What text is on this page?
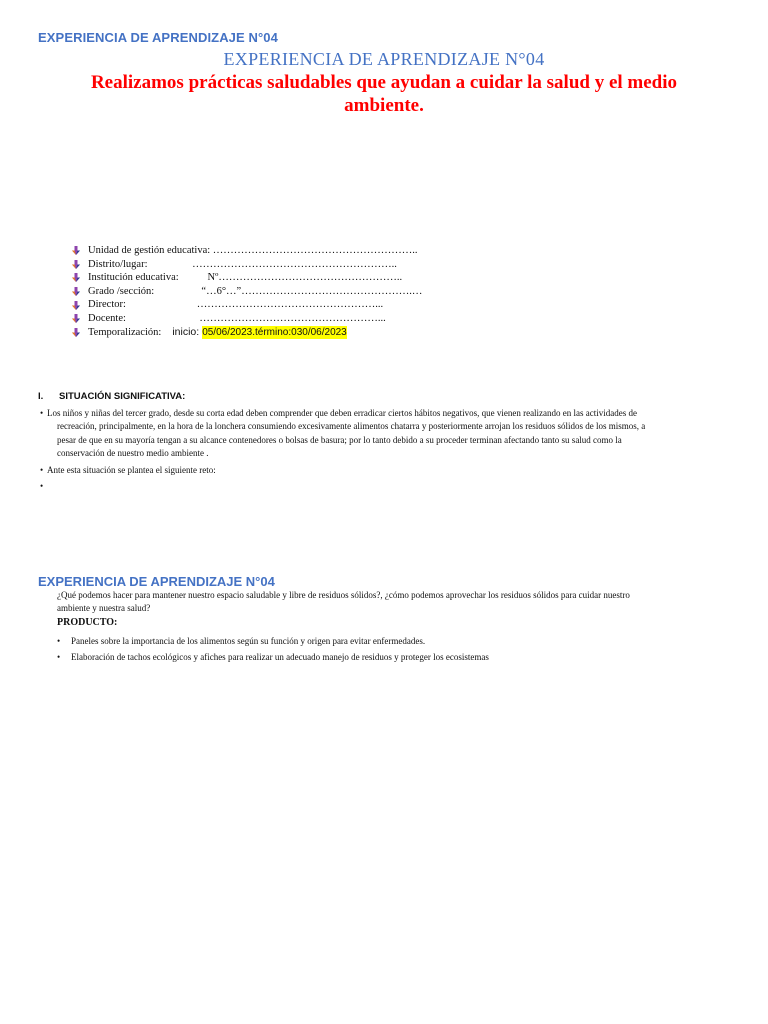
EXPERIENCIA DE APRENDIZAJE N°04
EXPERIENCIA DE APRENDIZAJE N°04
Realizamos prácticas saludables que ayudan a cuidar la salud y el medio
ambiente.
Unidad de gestión educativa: …………………………………………………..
Distrito/lugar:                 …………………………………………………..
Institución educativa:           Nº……………………………………………..
Grado /sección:                  “…6°…”………………………………………….…
Director:                           ……………………………………………...
Docente:                            ……………………………………………...
Temporalización: inicio: 05/06/2023.término:030/06/2023
I. SITUACIÓN SIGNIFICATIVA:
• Los niños y niñas del tercer grado, desde su corta edad deben comprender que deben erradicar ciertos hábitos negativos, que vienen realizando en las actividades de
recreación, principalmente, en la hora de la lonchera consumiendo excesivamente alimentos chatarra y posteriormente arrojan los residuos sólidos de los mismos, a
pesar de que en su mayoría tengan a su alcance contenedores o bolsas de basura; por lo tanto debido a su proceder terminan afectando tanto su salud como la
conservación de nuestro medio ambiente .
• Ante esta situación se plantea el siguiente reto:
•
EXPERIENCIA DE APRENDIZAJE N°04
¿Qué podemos hacer para mantener nuestro espacio saludable y libre de residuos sólidos?, ¿cómo podemos aprovechar los residuos sólidos para cuidar nuestro
ambiente y nuestra salud?
PRODUCTO:
•	Paneles sobre la importancia de los alimentos según su función y origen para evitar enfermedades.
•	Elaboración de tachos ecológicos y afiches para realizar un adecuado manejo de residuos y proteger los ecosistemas
